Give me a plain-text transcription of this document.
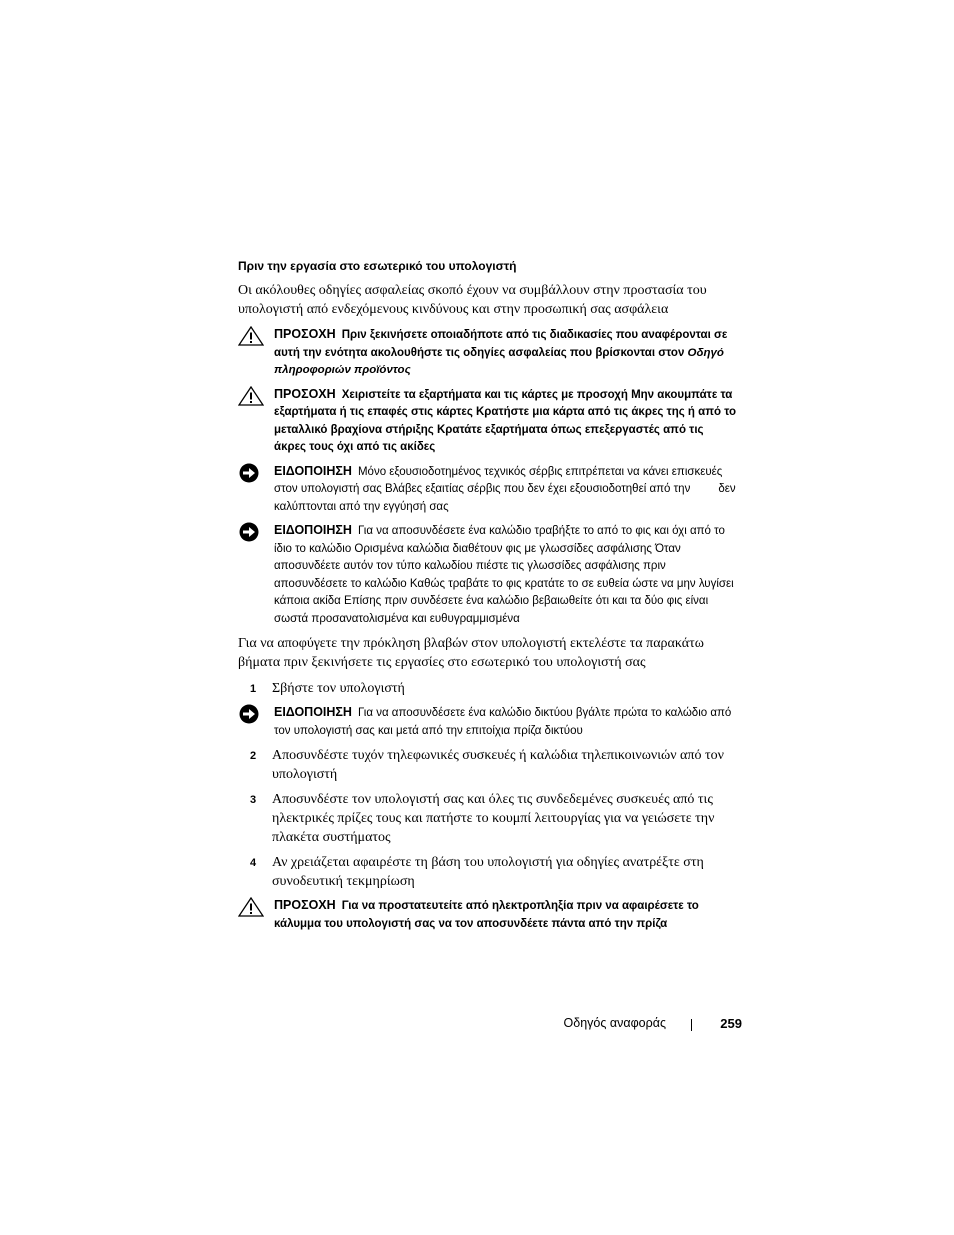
Πριν την εργασία στο εσωτερικό του υπολογιστή

Οι ακόλουθες οδηγίες ασφαλείας σκοπό έχουν να συμβάλλουν στην προστασία του υπολογιστή από ενδεχόμενους κινδύνους και στην προσωπική σας ασφάλεια

ΠΡΟΣΟΧΗ Πριν ξεκινήσετε οποιαδήποτε από τις διαδικασίες που αναφέρονται σε αυτή την ενότητα ακολουθήστε τις οδηγίες ασφαλείας που βρίσκονται στον Οδηγό πληροφοριών προϊόντος
ΠΡΟΣΟΧΗ Χειριστείτε τα εξαρτήματα και τις κάρτες με προσοχή Μην ακουμπάτε τα εξαρτήματα ή τις επαφές στις κάρτες Κρατήστε μια κάρτα από τις άκρες της ή από το μεταλλικό βραχίονα στήριξης Κρατάτε εξαρτήματα όπως επεξεργαστές από τις άκρες τους όχι από τις ακίδες
ΕΙΔΟΠΟΙΗΣΗ Μόνο εξουσιοδοτημένος τεχνικός σέρβις επιτρέπεται να κάνει επισκευές στον υπολογιστή σας Βλάβες εξαιτίας σέρβις που δεν έχει εξουσιοδοτηθεί από την δεν καλύπτονται από την εγγύησή σας
ΕΙΔΟΠΟΙΗΣΗ Για να αποσυνδέσετε ένα καλώδιο τραβήξτε το από το φις και όχι από το ίδιο το καλώδιο Ορισμένα καλώδια διαθέτουν φις με γλωσσίδες ασφάλισης Όταν αποσυνδέετε αυτόν τον τύπο καλωδίου πιέστε τις γλωσσίδες ασφάλισης πριν αποσυνδέσετε το καλώδιο Καθώς τραβάτε το φις κρατάτε το σε ευθεία ώστε να μην λυγίσει κάποια ακίδα Επίσης πριν συνδέσετε ένα καλώδιο βεβαιωθείτε ότι και τα δύο φις είναι σωστά προσανατολισμένα και ευθυγραμμισμένα

Για να αποφύγετε την πρόκληση βλαβών στον υπολογιστή εκτελέστε τα παρακάτω βήματα πριν ξεκινήσετε τις εργασίες στο εσωτερικό του υπολογιστή σας

1 Σβήστε τον υπολογιστή
ΕΙΔΟΠΟΙΗΣΗ Για να αποσυνδέσετε ένα καλώδιο δικτύου βγάλτε πρώτα το καλώδιο από τον υπολογιστή σας και μετά από την επιτοίχια πρίζα δικτύου
2 Αποσυνδέστε τυχόν τηλεφωνικές συσκευές ή καλώδια τηλεπικοινωνιών από τον υπολογιστή
3 Αποσυνδέστε τον υπολογιστή σας και όλες τις συνδεδεμένες συσκευές από τις ηλεκτρικές πρίζες τους και πατήστε το κουμπί λειτουργίας για να γειώσετε την πλακέτα συστήματος
4 Αν χρειάζεται αφαιρέστε τη βάση του υπολογιστή για οδηγίες ανατρέξτε στη συνοδευτική τεκμηρίωση
ΠΡΟΣΟΧΗ Για να προστατευτείτε από ηλεκτροπληξία πριν να αφαιρέσετε το κάλυμμα του υπολογιστή σας να τον αποσυνδέετε πάντα από την πρίζα
Οδηγός αναφοράς	259
